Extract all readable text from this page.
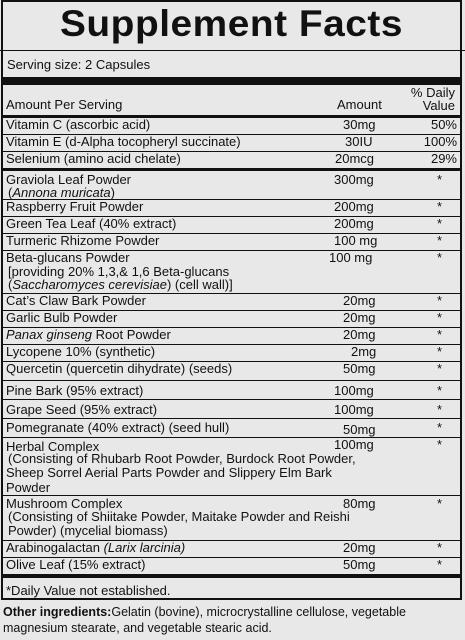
Supplement Facts
Serving size: 2 Capsules
Amount Per Serving	Amount
% Daily
Value
Vitamin C (ascorbic acid)	30mg	50%
Vitamin E (d-Alpha tocopheryl succinate)	30IU	100%
Selenium (amino acid chelate)	20mcg	29%
Graviola Leaf Powder
(Annona muricata)
300mg	*
Raspberry Fruit Powder	200mg	*
Green Tea Leaf (40% extract)	200mg	*
Turmeric Rhizome Powder	100 mg	*
Beta-glucans Powder
[providing 20% 1,3,& 1,6 Beta-glucans
(Saccharomyces cerevisiae) (cell wall)]
100 mg	*
Cat’s Claw Bark Powder	20mg	*
Garlic Bulb Powder	20mg	*
Panax ginseng Root Powder	20mg	*
Lycopene 10% (synthetic)	2mg	*
Quercetin (quercetin dihydrate) (seeds)	50mg	*
Pine Bark (95% extract)	100mg	*
Grape Seed (95% extract)	100mg	*
Pomegranate (40% extract) (seed hull)	50mg	*
Herbal Complex
(Consisting of Rhubarb Root Powder, Burdock Root Powder,
Sheep Sorrel Aerial Parts Powder and Slippery Elm Bark
Powder
100mg	*
Mushroom Complex
(Consisting of Shiitake Powder, Maitake Powder and Reishi
Powder) (mycelial biomass)
80mg	*
Arabinogalactan (Larix larcinia)	20mg	*
Olive Leaf (15% extract)	50mg	*
*Daily Value not established.
Other ingredients:Gelatin (bovine), microcrystalline cellulose, vegetable magnesium stearate, and vegetable stearic acid.
